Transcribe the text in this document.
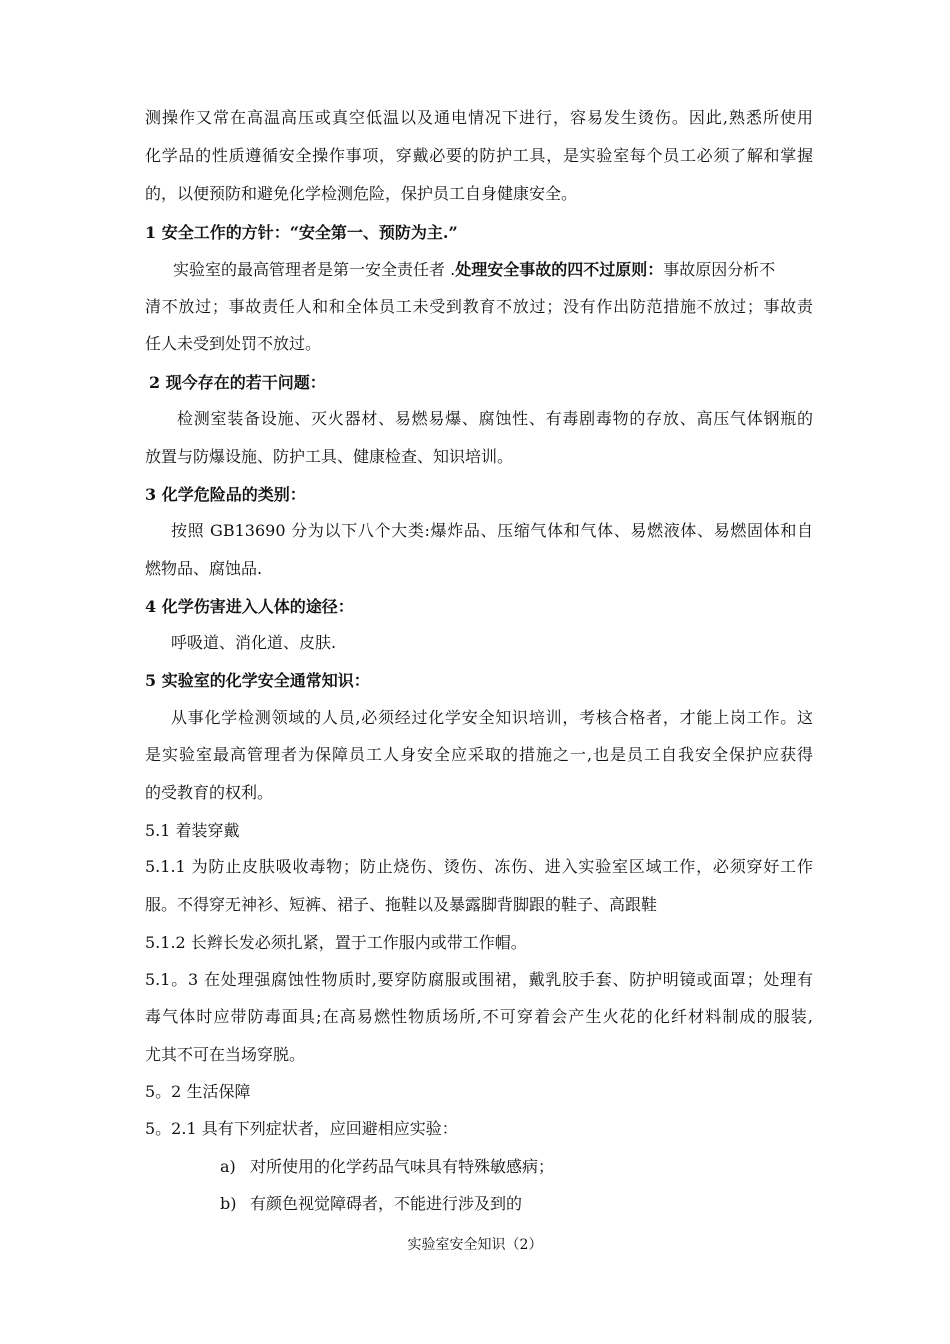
测操作又常在高温高压或真空低温以及通电情况下进行，容易发生烫伤。因此,熟悉所使用
化学品的性质遵循安全操作事项，穿戴必要的防护工具，是实验室每个员工必须了解和掌握
的，以便预防和避免化学检测危险，保护员工自身健康安全。
1 安全工作的方针：“安全第一、预防为主.”
实验室的最高管理者是第一安全责任者 .处理安全事故的四不过原则：事故原因分析不
清不放过；事故责任人和和全体员工未受到教育不放过；没有作出防范措施不放过；事故责
任人未受到处罚不放过。
2 现今存在的若干问题：
检测室装备设施、灭火器材、易燃易爆、腐蚀性、有毒剧毒物的存放、高压气体钢瓶的
放置与防爆设施、防护工具、健康检查、知识培训。
3 化学危险品的类别：
按照 GB13690 分为以下八个大类:爆炸品、压缩气体和气体、易燃液体、易燃固体和自
燃物品、腐蚀品.
4 化学伤害进入人体的途径：
呼吸道、消化道、皮肤.
5 实验室的化学安全通常知识：
从事化学检测领域的人员,必须经过化学安全知识培训，考核合格者，才能上岗工作。这
是实验室最高管理者为保障员工人身安全应采取的措施之一,也是员工自我安全保护应获得
的受教育的权利。
5.1 着装穿戴
5.1.1 为防止皮肤吸收毒物；防止烧伤、烫伤、冻伤、进入实验室区域工作，必须穿好工作
服。不得穿无神衫、短裤、裙子、拖鞋以及暴露脚背脚跟的鞋子、高跟鞋
5.1.2 长辫长发必须扎紧，置于工作服内或带工作帽。
5.1。3 在处理强腐蚀性物质时,要穿防腐服或围裙，戴乳胶手套、防护明镜或面罩；处理有
毒气体时应带防毒面具;在高易燃性物质场所,不可穿着会产生火花的化纤材料制成的服装,
尤其不可在当场穿脱。
5。2 生活保障
5。2.1 具有下列症状者，应回避相应实验：
a) 对所使用的化学药品气味具有特殊敏感病；
b) 有颜色视觉障碍者，不能进行涉及到的
实验室安全知识（2）
